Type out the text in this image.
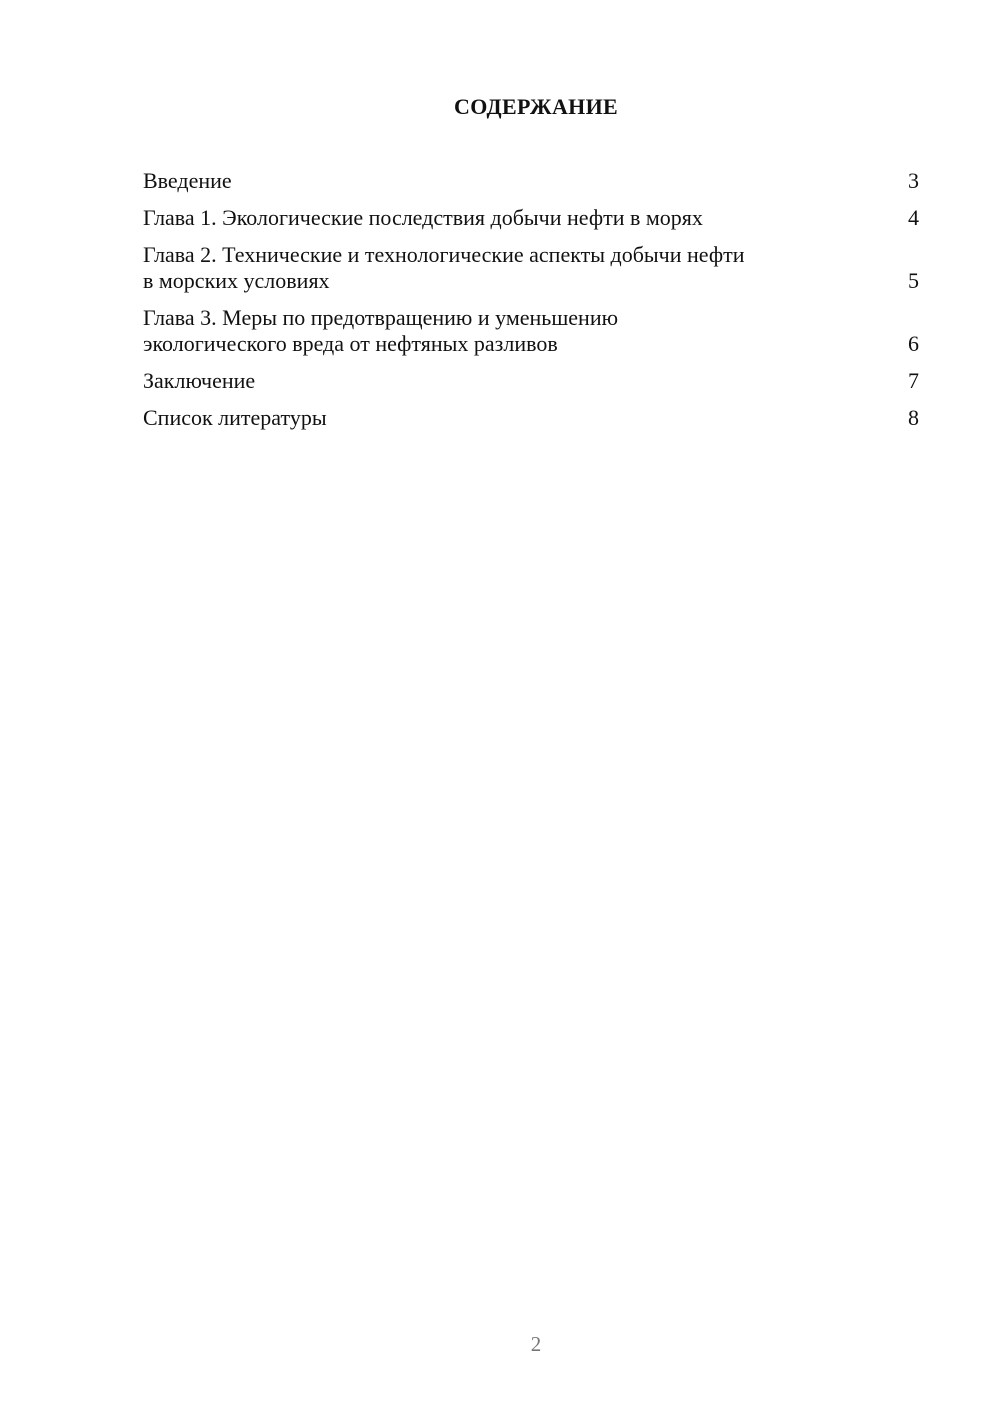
СОДЕРЖАНИЕ
Введение	3
Глава 1. Экологические последствия добычи нефти в морях	4
Глава 2. Технические и технологические аспекты добычи нефти
в морских условиях	5
Глава 3. Меры по предотвращению и уменьшению
экологического вреда от нефтяных разливов	6
Заключение	7
Список литературы	8
2
